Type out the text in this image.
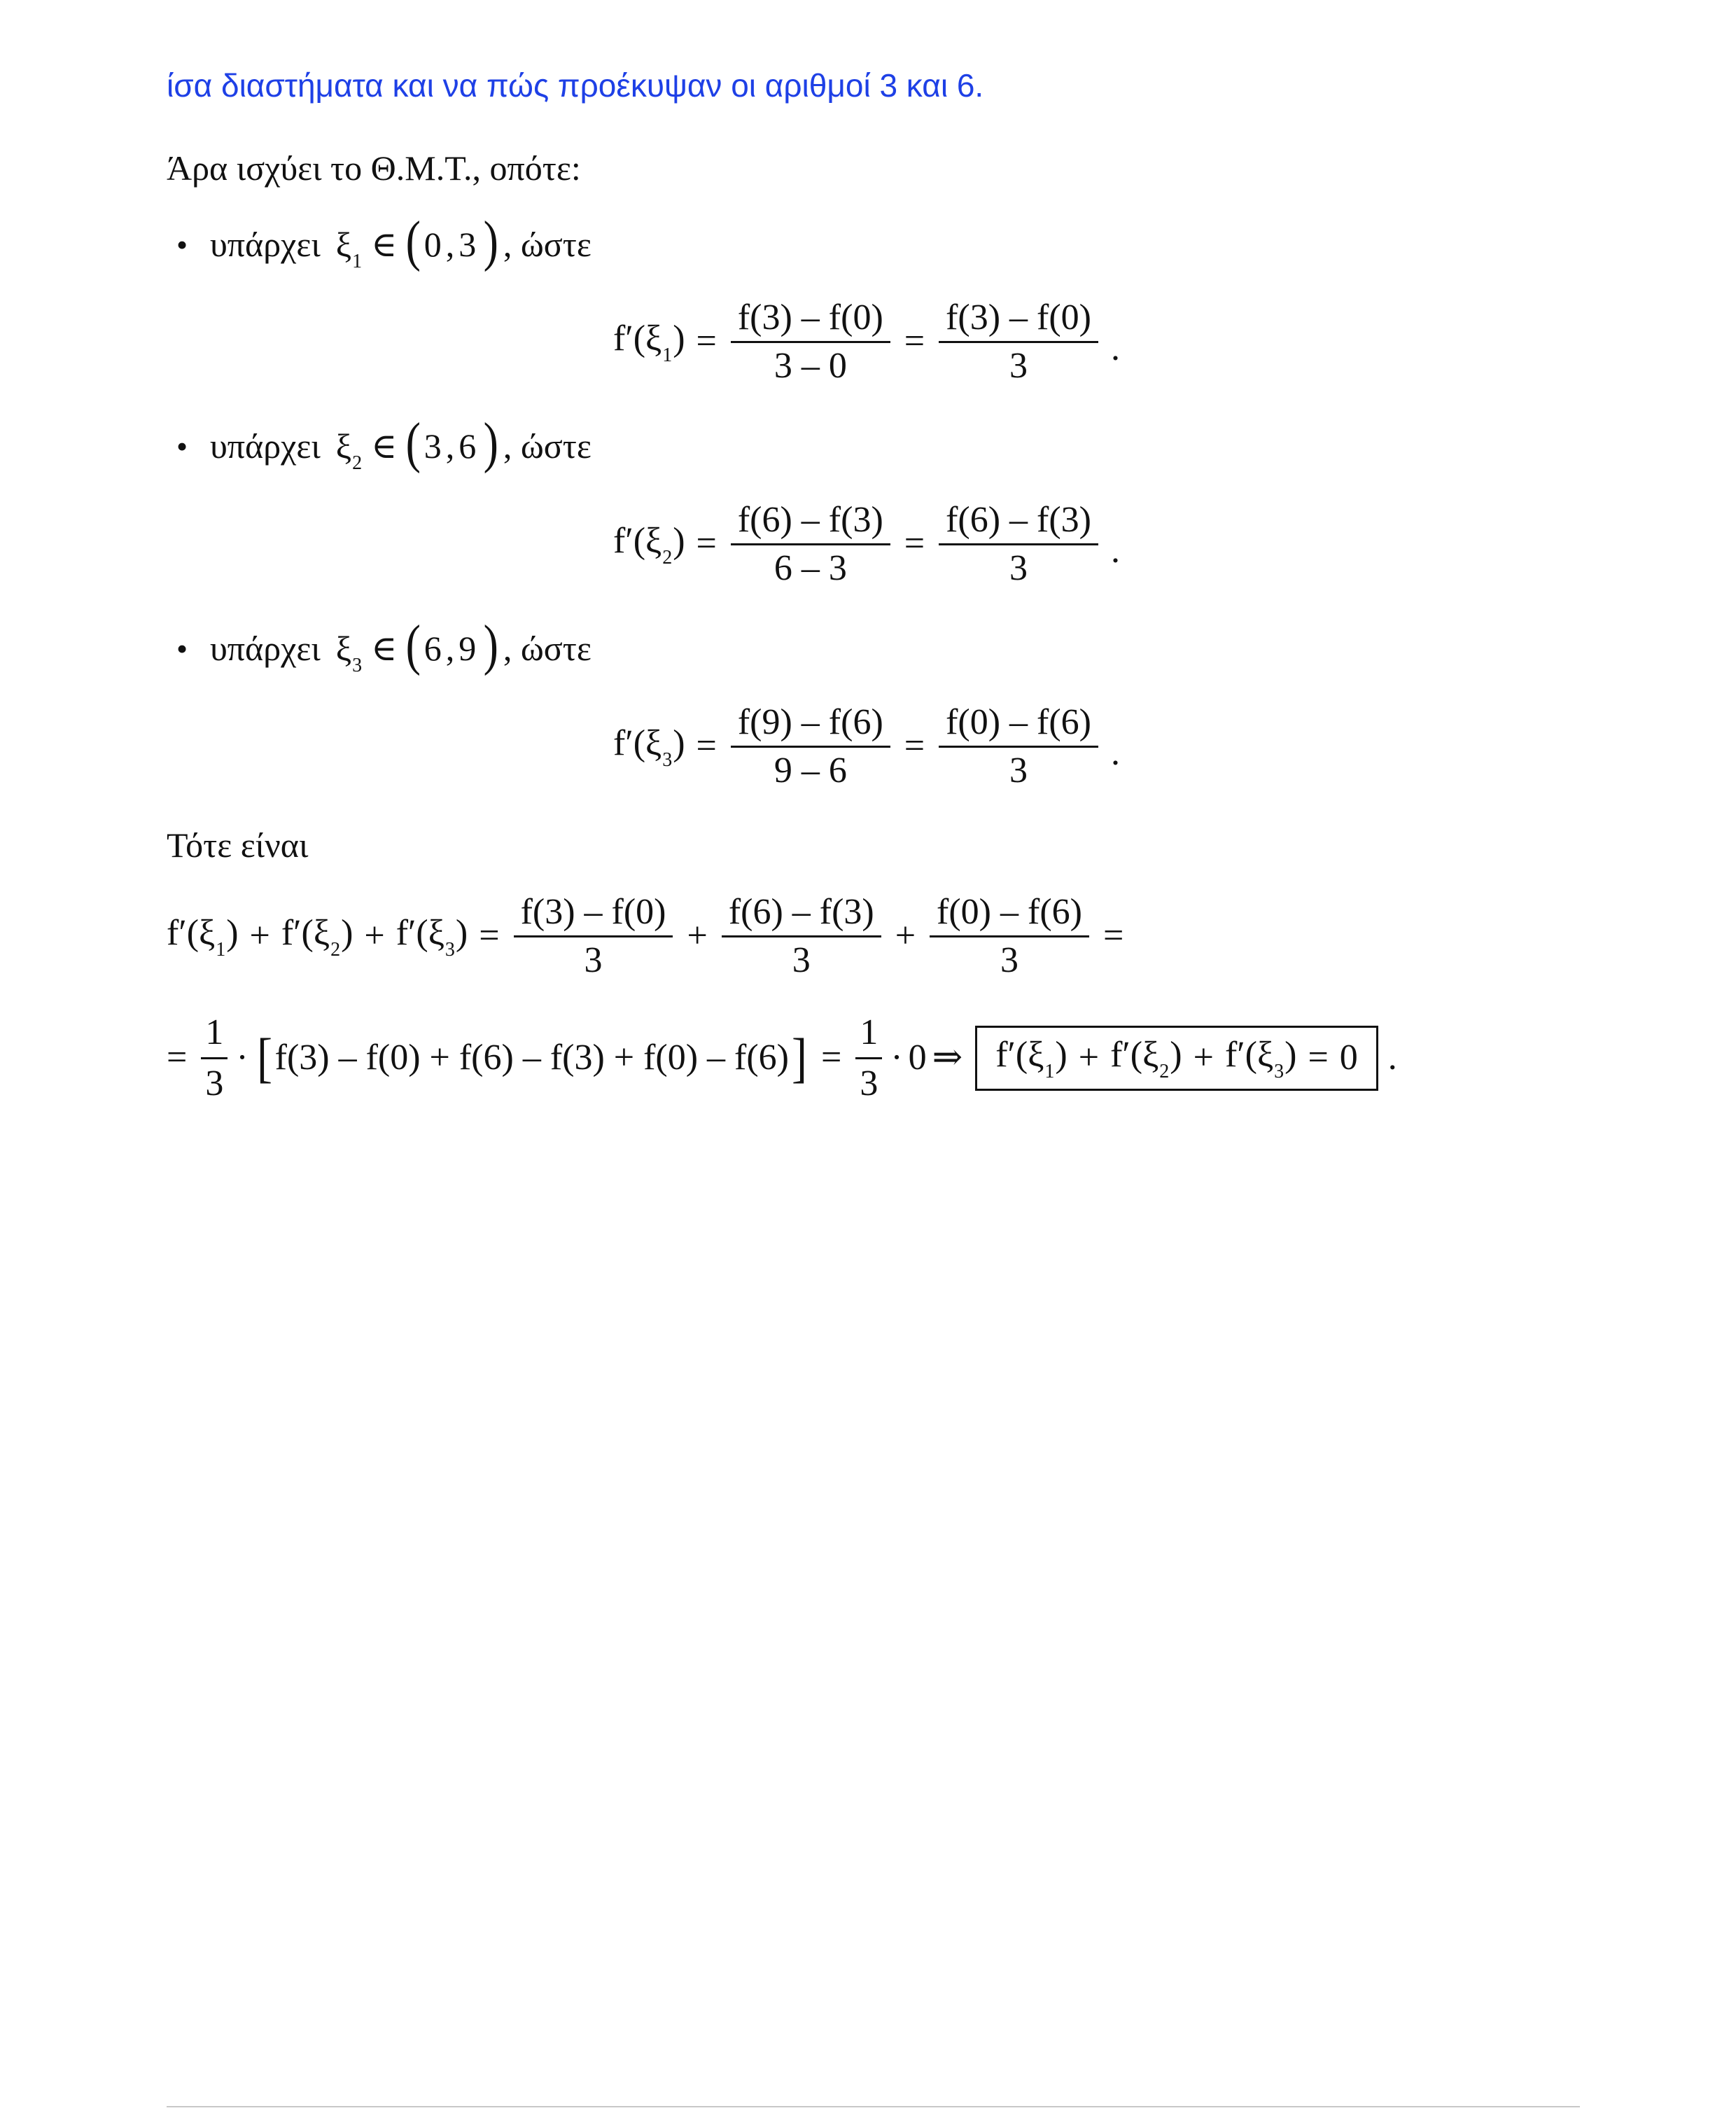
ίσα διαστήματα και να πώς προέκυψαν οι αριθμοί 3 και 6.
Άρα ισχύει το Θ.Μ.Τ., οπότε:
• υπάρχει $\xi_1$ ∈ ( 0,3 ) , ώστε
$f'(\xi_1) = \frac{f(3) - f(0)}{3 - 0} = \frac{f(3) - f(0)}{3}$ .
• υπάρχει $\xi_2$ ∈ ( 3,6 ) , ώστε
$f'(\xi_2) = \frac{f(6) - f(3)}{6 - 3} = \frac{f(6) - f(3)}{3}$ .
• υπάρχει $\xi_3$ ∈ ( 6,9 ) , ώστε
$f'(\xi_3) = \frac{f(9) - f(6)}{9 - 6} = \frac{f(0) - f(6)}{3}$ .
Τότε είναι
$f'(\xi_1) + f'(\xi_2) + f'(\xi_3) = \frac{f(3) - f(0)}{3} + \frac{f(6) - f(3)}{3} + \frac{f(0) - f(6)}{3}$ =
= $\frac{1}{3}$ · [ f(3) – f(0) + f(6) – f(3) + f(0) – f(6) ] = $\frac{1}{3} \cdot 0$ ⇒ $f'(\xi_1) + f'(\xi_2) + f'(\xi_3) = 0$ .
